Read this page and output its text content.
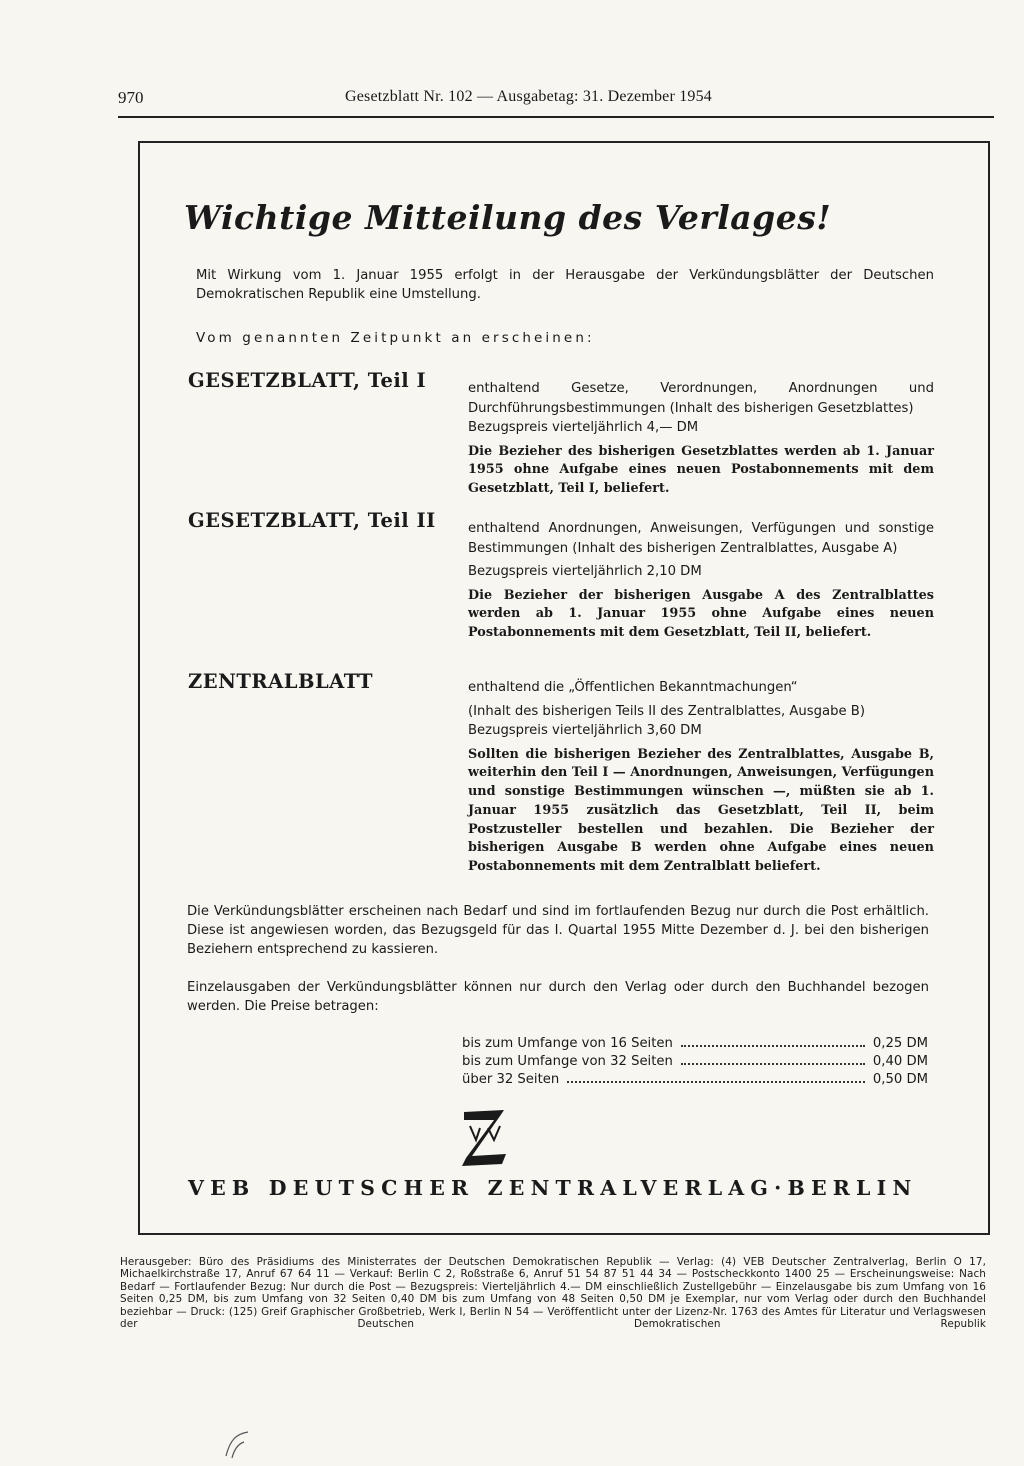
970	Gesetzblatt Nr. 102 — Ausgabetag: 31. Dezember 1954
Wichtige Mitteilung des Verlages!
Mit Wirkung vom 1. Januar 1955 erfolgt in der Herausgabe der Verkündungsblätter der Deutschen Demokratischen Republik eine Umstellung.
Vom genannten Zeitpunkt an erscheinen:
GESETZBLATT, Teil I	enthaltend Gesetze, Verordnungen, Anordnungen und Durchführungsbestimmungen (Inhalt des bisherigen Gesetzblattes)

Bezugspreis vierteljährlich 4,— DM

Die Bezieher des bisherigen Gesetzblattes werden ab 1. Januar 1955 ohne Aufgabe eines neuen Postabonnements mit dem Gesetzblatt, Teil I, beliefert.

GESETZBLATT, Teil II enthaltend Anordnungen, Anweisungen, Verfügungen und sonstige Bestimmungen (Inhalt des bisherigen Zentralblattes, Ausgabe A)

Bezugspreis vierteljährlich 2,10 DM

Die Bezieher der bisherigen Ausgabe A des Zentralblattes werden ab 1. Januar 1955 ohne Aufgabe eines neuen Postabonnements mit dem Gesetzblatt, Teil II, beliefert.

ZENTRALBLATT	enthaltend die „Öffentlichen Bekanntmachungen“

(Inhalt des bisherigen Teils II des Zentralblattes, Ausgabe B)

Bezugspreis vierteljährlich 3,60 DM

Sollten die bisherigen Bezieher des Zentralblattes, Ausgabe B, weiterhin den Teil I — Anordnungen, Anweisungen, Verfügungen und sonstige Bestimmungen wünschen —, müßten sie ab 1. Januar 1955 zusätzlich das Gesetzblatt, Teil II, beim Postzusteller bestellen und bezahlen. Die Bezieher der bisherigen Ausgabe B werden ohne Aufgabe eines neuen Postabonnements mit dem Zentralblatt beliefert.

Die Verkündungsblätter erscheinen nach Bedarf und sind im fortlaufenden Bezug nur durch die Post erhältlich. Diese ist angewiesen worden, das Bezugsgeld für das I. Quartal 1955 Mitte Dezember d. J. bei den bisherigen Beziehern entsprechend zu kassieren.
Einzelausgaben der Verkündungsblätter können nur durch den Verlag oder durch den Buchhandel bezogen werden. Die Preise betragen:
bis zum Umfange von 16 Seiten	0,25 DM
bis zum Umfange von 32 Seiten	0,40 DM
über 32 Seiten	0,50 DM
VEB DEUTSCHER ZENTRALVERLAG·BERLIN
Herausgeber: Büro des Präsidiums des Ministerrates der Deutschen Demokratischen Republik — Verlag: (4) VEB Deutscher Zentralverlag, Berlin O 17, Michaelkirchstraße 17, Anruf 67 64 11 — Verkauf: Berlin C 2, Roßstraße 6, Anruf 51 54 87 51 44 34 — Postscheckkonto 1400 25 — Erscheinungsweise: Nach Bedarf — Fortlaufender Bezug: Nur durch die Post — Bezugspreis: Vierteljährlich 4.— DM einschließlich Zustellgebühr — Einzelausgabe bis zum Umfang von 16 Seiten 0,25 DM, bis zum Umfang von 32 Seiten 0,40 DM bis zum Umfang von 48 Seiten 0,50 DM je Exemplar, nur vom Verlag oder durch den Buchhandel beziehbar — Druck: (125) Greif Graphischer Großbetrieb, Werk I, Berlin N 54 — Veröffentlicht unter der Lizenz-Nr. 1763 des Amtes für Literatur und Verlagswesen der Deutschen Demokratischen Republik
